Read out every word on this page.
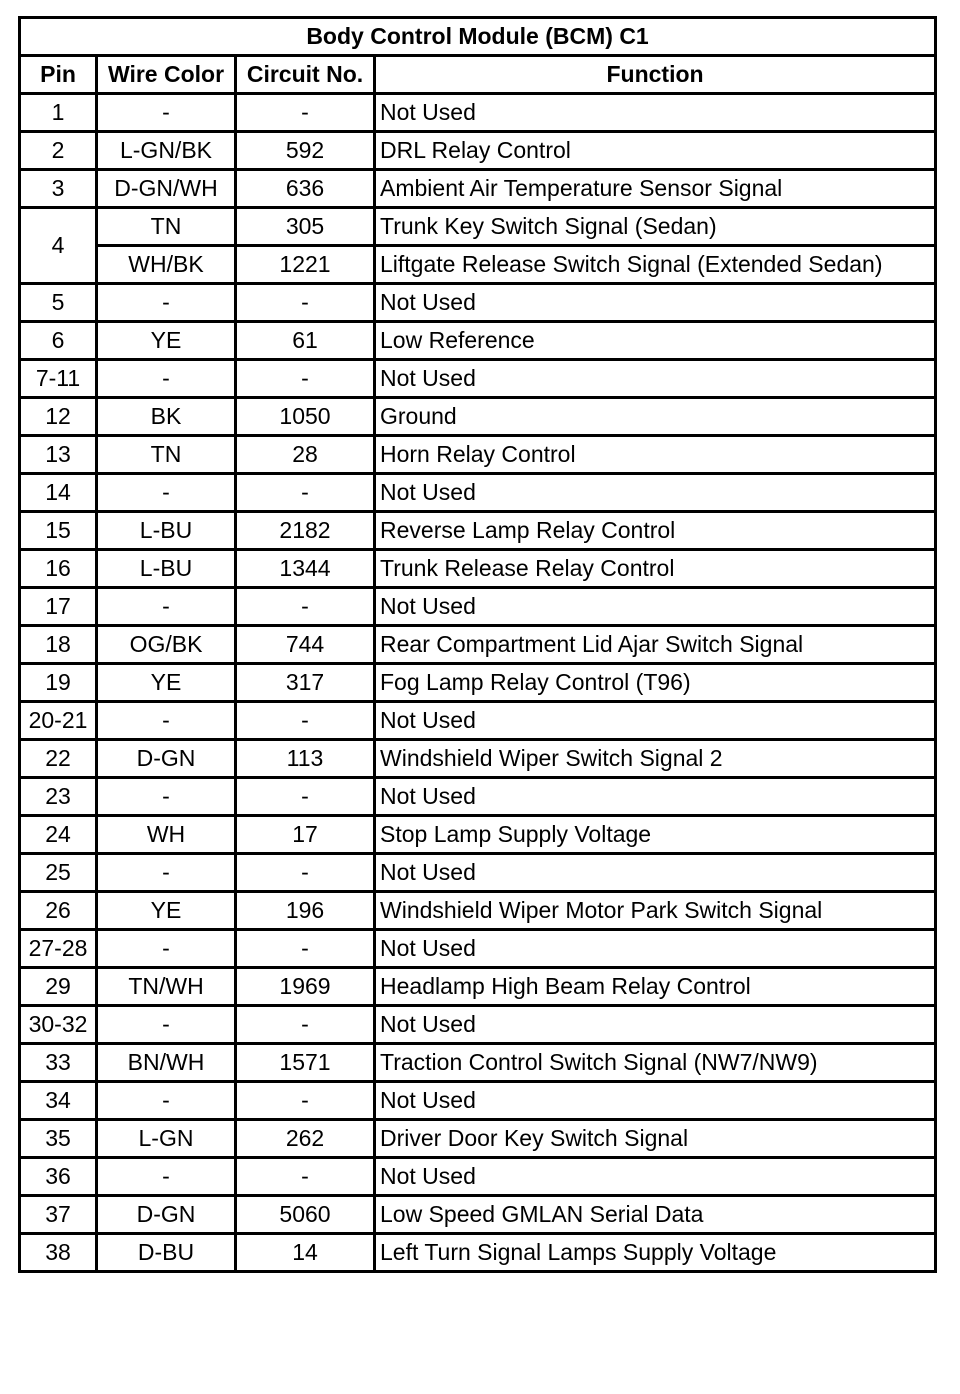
Body Control Module (BCM) C1			
Pin	Wire Color	Circuit No.	Function
1	-	-	Not Used
2	L-GN/BK	592	DRL Relay Control
3	D-GN/WH	636	Ambient Air Temperature Sensor Signal
4	TN	305	Trunk Key Switch Signal (Sedan)
	WH/BK	1221	Liftgate Release Switch Signal (Extended Sedan)
5	-	-	Not Used
6	YE	61	Low Reference
7-11	-	-	Not Used
12	BK	1050	Ground
13	TN	28	Horn Relay Control
14	-	-	Not Used
15	L-BU	2182	Reverse Lamp Relay Control
16	L-BU	1344	Trunk Release Relay Control
17	-	-	Not Used
18	OG/BK	744	Rear Compartment Lid Ajar Switch Signal
19	YE	317	Fog Lamp Relay Control (T96)
20-21	-	-	Not Used
22	D-GN	113	Windshield Wiper Switch Signal 2
23	-	-	Not Used
24	WH	17	Stop Lamp Supply Voltage
25	-	-	Not Used
26	YE	196	Windshield Wiper Motor Park Switch Signal
27-28	-	-	Not Used
29	TN/WH	1969	Headlamp High Beam Relay Control
30-32	-	-	Not Used
33	BN/WH	1571	Traction Control Switch Signal (NW7/NW9)
34	-	-	Not Used
35	L-GN	262	Driver Door Key Switch Signal
36	-	-	Not Used
37	D-GN	5060	Low Speed GMLAN Serial Data
38	D-BU	14	Left Turn Signal Lamps Supply Voltage
